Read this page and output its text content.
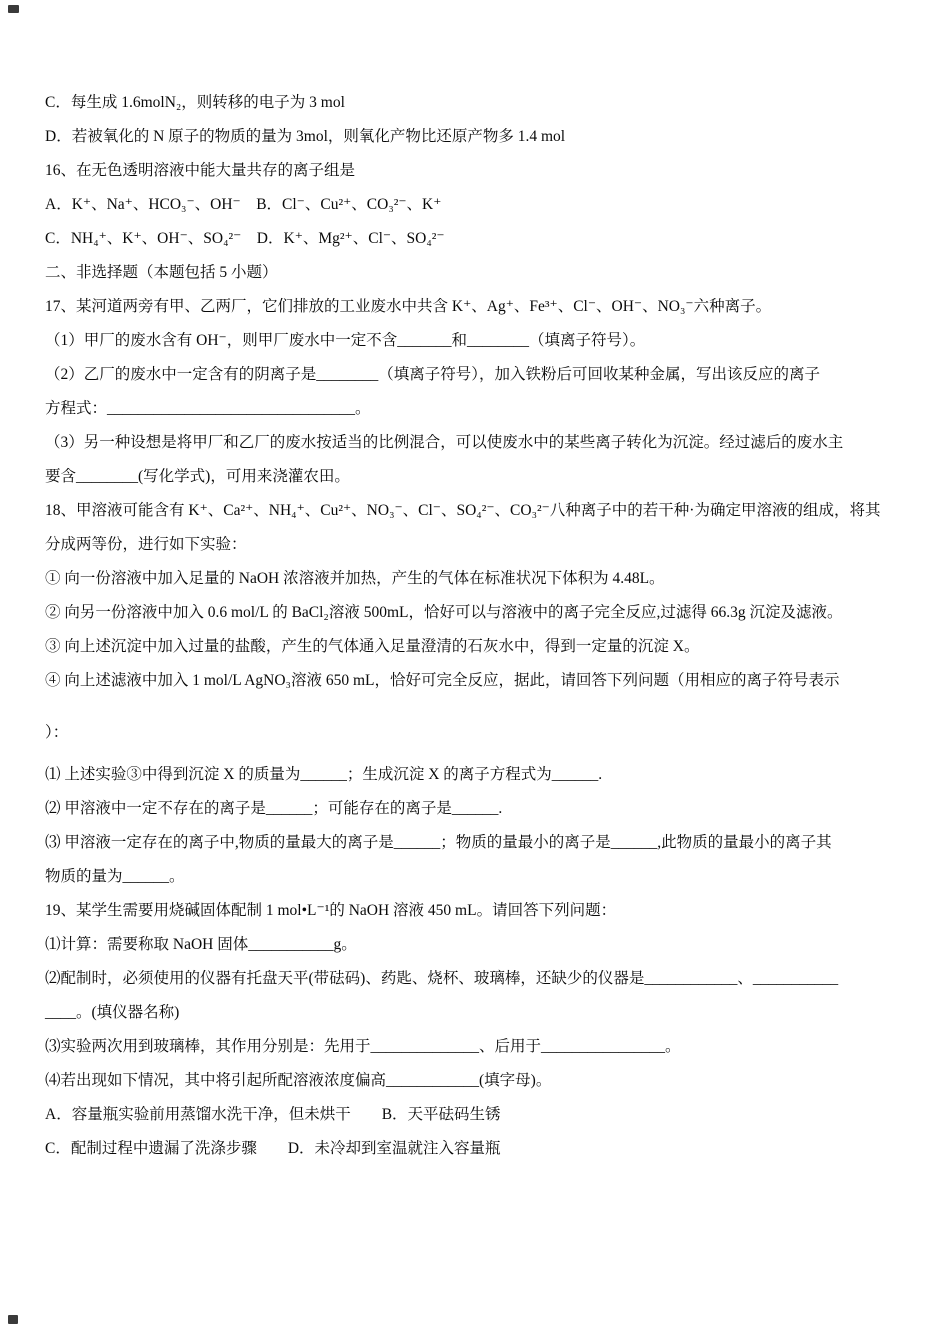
C．每生成 1.6molN₂，则转移的电子为 3 mol

D．若被氧化的 N 原子的物质的量为 3mol，则氧化产物比还原产物多 1.4 mol

16、在无色透明溶液中能大量共存的离子组是

A．K⁺、Na⁺、HCO₃⁻、OH⁻    B．Cl⁻、Cu²⁺、CO₃²⁻、K⁺

C．NH₄⁺、K⁺、OH⁻、SO₄²⁻    D．K⁺、Mg²⁺、Cl⁻、SO₄²⁻

二、非选择题（本题包括 5 小题）

17、某河道两旁有甲、乙两厂，它们排放的工业废水中共含 K⁺、Ag⁺、Fe³⁺、Cl⁻、OH⁻、NO₃⁻六种离子。

（1）甲厂的废水含有 OH⁻，则甲厂废水中一定不含_______和________（填离子符号）。

（2）乙厂的废水中一定含有的阴离子是________（填离子符号），加入铁粉后可回收某种金属，写出该反应的离子

方程式：________________________________。

（3）另一种设想是将甲厂和乙厂的废水按适当的比例混合，可以使废水中的某些离子转化为沉淀。经过滤后的废水主

要含________(写化学式)，可用来浇灌农田。

18、甲溶液可能含有 K⁺、Ca²⁺、NH₄⁺、Cu²⁺、NO₃⁻、Cl⁻、SO₄²⁻、CO₃²⁻八种离子中的若干种·为确定甲溶液的组成，将其

分成两等份，进行如下实验：

① 向一份溶液中加入足量的 NaOH 浓溶液并加热，产生的气体在标准状况下体积为 4.48L。

② 向另一份溶液中加入 0.6 mol/L 的 BaCl₂溶液 500mL，恰好可以与溶液中的离子完全反应,过滤得 66.3g 沉淀及滤液。

③ 向上述沉淀中加入过量的盐酸，产生的气体通入足量澄清的石灰水中，得到一定量的沉淀 X。

④ 向上述滤液中加入 1 mol/L AgNO₃溶液 650 mL，恰好可完全反应，据此，请回答下列问题（用相应的离子符号表示

）：

⑴ 上述实验③中得到沉淀 X 的质量为______；生成沉淀 X 的离子方程式为______.

⑵ 甲溶液中一定不存在的离子是______；可能存在的离子是______.

⑶ 甲溶液一定存在的离子中,物质的量最大的离子是______；物质的量最小的离子是______,此物质的量最小的离子其

物质的量为______。

19、某学生需要用烧碱固体配制 1 mol•L⁻¹的 NaOH 溶液 450 mL。请回答下列问题：

⑴计算：需要称取 NaOH 固体___________g。

⑵配制时，必须使用的仪器有托盘天平(带砝码)、药匙、烧杯、玻璃棒，还缺少的仪器是____________、___________

____。(填仪器名称)

⑶实验两次用到玻璃棒，其作用分别是：先用于______________、后用于________________。

⑷若出现如下情况，其中将引起所配溶液浓度偏高____________(填字母)。

A．容量瓶实验前用蒸馏水洗干净，但未烘干        B．天平砝码生锈

C．配制过程中遗漏了洗涤步骤        D．未冷却到室温就注入容量瓶
